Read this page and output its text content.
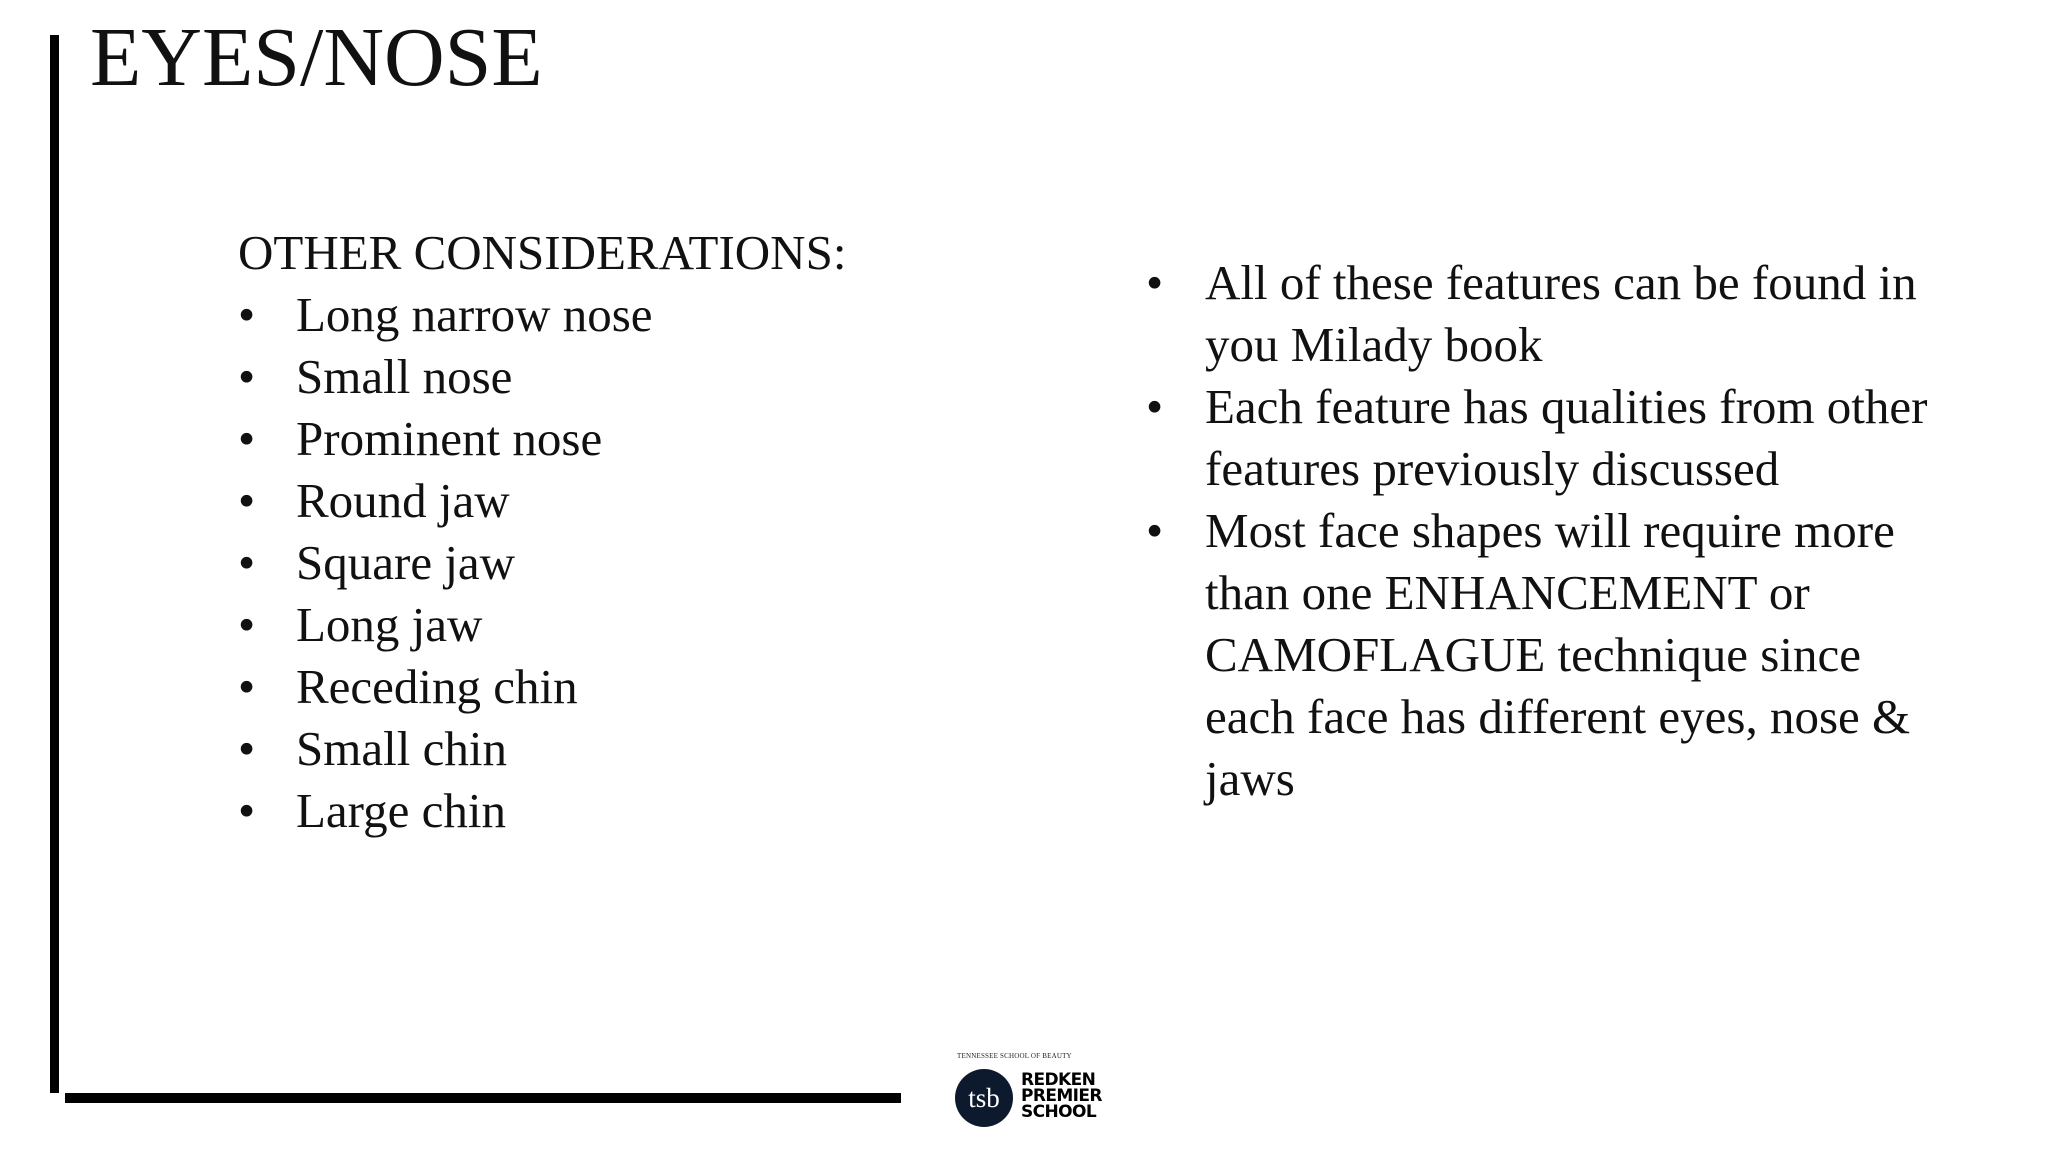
EYES/NOSE
OTHER CONSIDERATIONS:
• Long narrow nose
• Small nose
• Prominent nose
• Round jaw
• Square jaw
• Long jaw
• Receding chin
• Small chin
• Large chin
• All of these features can be found in you Milady book
• Each feature has qualities from other features previously discussed
• Most face shapes will require more than one ENHANCEMENT or CAMOFLAGUE technique since each face has different eyes, nose & jaws
TENNESSEE SCHOOL OF BEAUTY
tsb
REDKEN
PREMIER
SCHOOL
